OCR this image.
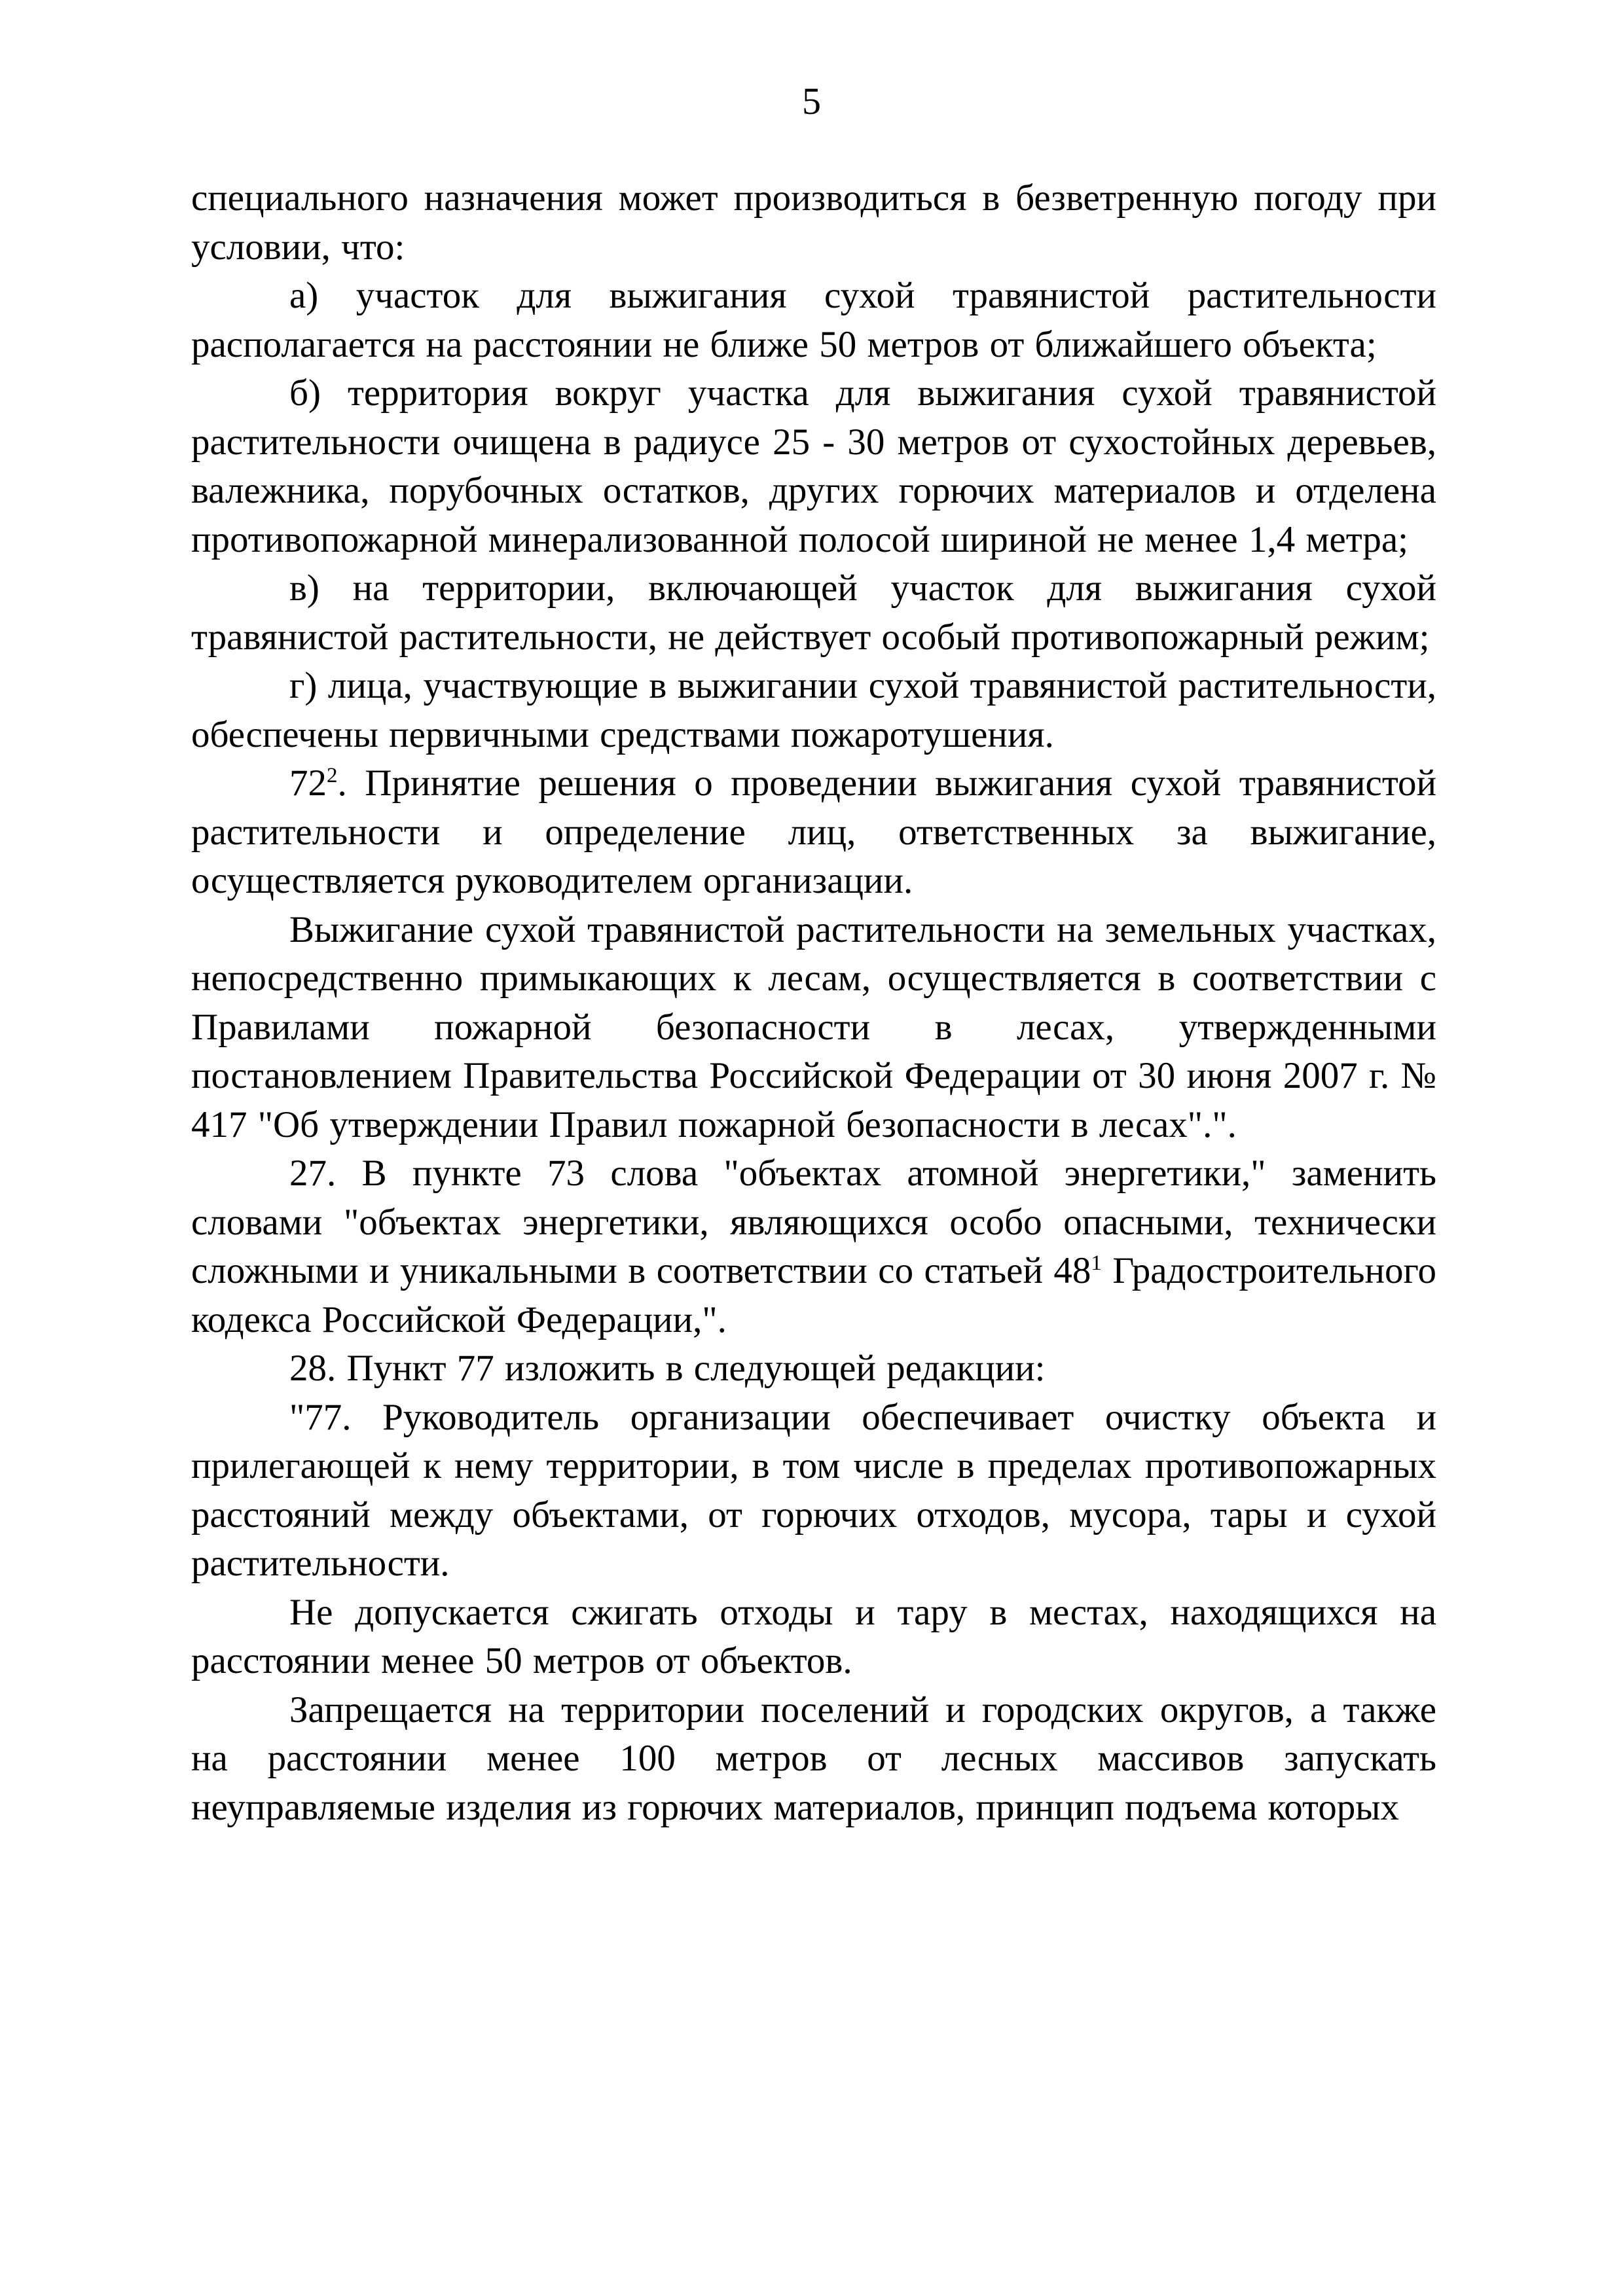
5

специального назначения может производиться в безветренную погоду при условии, что:

а) участок для выжигания сухой травянистой растительности располагается на расстоянии не ближе 50 метров от ближайшего объекта;

б) территория вокруг участка для выжигания сухой травянистой растительности очищена в радиусе 25 - 30 метров от сухостойных деревьев, валежника, порубочных остатков, других горючих материалов и отделена противопожарной минерализованной полосой шириной не менее 1,4 метра;

в) на территории, включающей участок для выжигания сухой травянистой растительности, не действует особый противопожарный режим;

г) лица, участвующие в выжигании сухой травянистой растительности, обеспечены первичными средствами пожаротушения.

$72^2$. Принятие решения о проведении выжигания сухой травянистой растительности и определение лиц, ответственных за выжигание, осуществляется руководителем организации.

Выжигание сухой травянистой растительности на земельных участках, непосредственно примыкающих к лесам, осуществляется в соответствии с Правилами пожарной безопасности в лесах, утвержденными постановлением Правительства Российской Федерации от 30 июня 2007 г. № 417 "Об утверждении Правил пожарной безопасности в лесах".".

27. В пункте 73 слова "объектах атомной энергетики," заменить словами "объектах энергетики, являющихся особо опасными, технически сложными и уникальными в соответствии со статьей $48^1$ Градостроительного кодекса Российской Федерации,".

28. Пункт 77 изложить в следующей редакции:

"77. Руководитель организации обеспечивает очистку объекта и прилегающей к нему территории, в том числе в пределах противопожарных расстояний между объектами, от горючих отходов, мусора, тары и сухой растительности.

Не допускается сжигать отходы и тару в местах, находящихся на расстоянии менее 50 метров от объектов.

Запрещается на территории поселений и городских округов, а также на расстоянии менее 100 метров от лесных массивов запускать неуправляемые изделия из горючих материалов, принцип подъема которых
